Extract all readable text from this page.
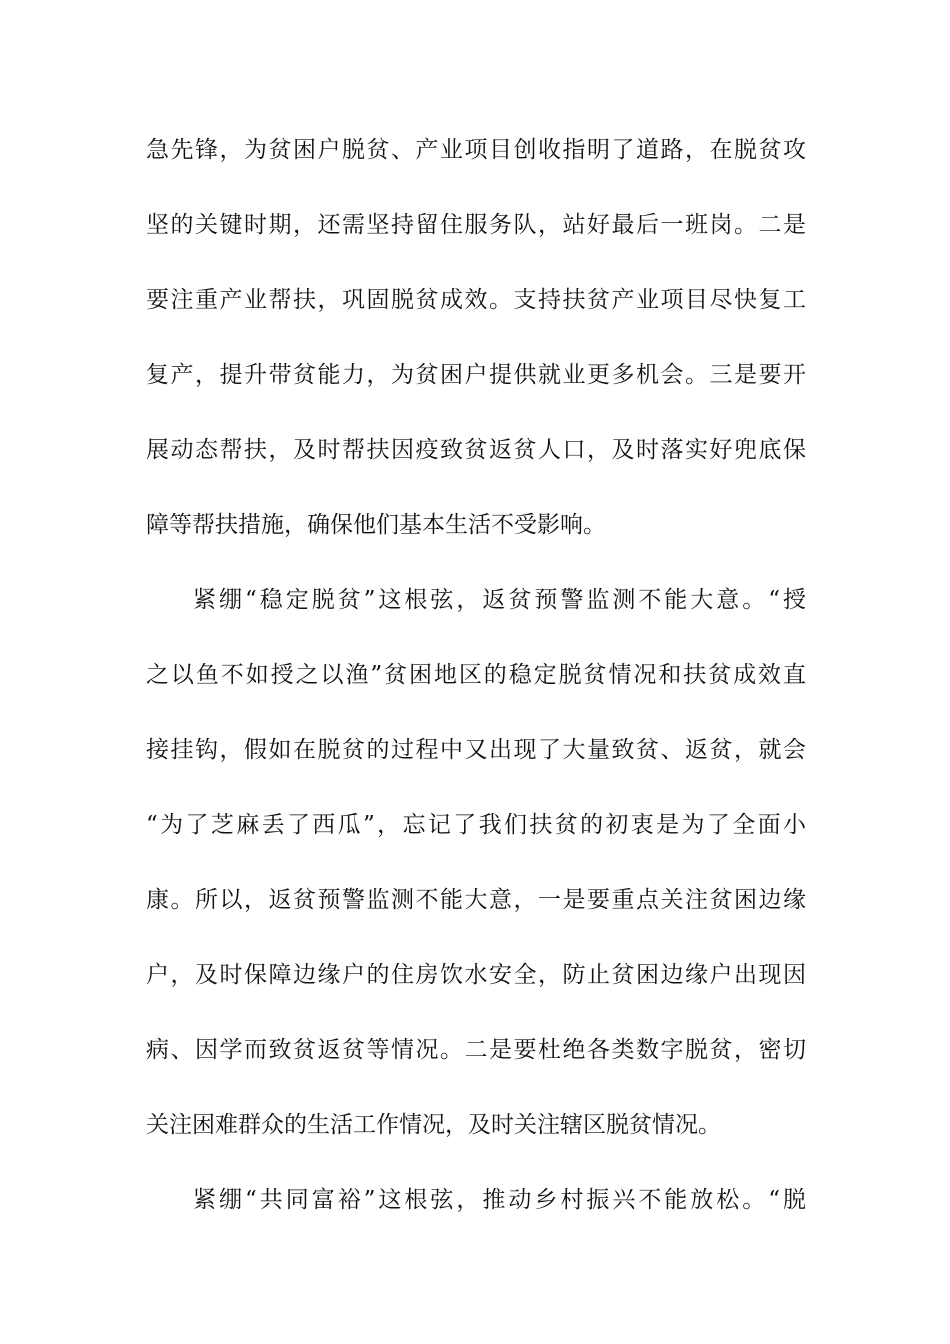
急先锋，为贫困户脱贫、产业项目创收指明了道路，在脱贫攻
坚的关键时期，还需坚持留住服务队，站好最后一班岗。二是
要注重产业帮扶，巩固脱贫成效。支持扶贫产业项目尽快复工
复产，提升带贫能力，为贫困户提供就业更多机会。三是要开
展动态帮扶，及时帮扶因疫致贫返贫人口，及时落实好兜底保
障等帮扶措施，确保他们基本生活不受影响。
紧绷“稳定脱贫”这根弦，返贫预警监测不能大意。“授
之以鱼不如授之以渔”贫困地区的稳定脱贫情况和扶贫成效直
接挂钩，假如在脱贫的过程中又出现了大量致贫、返贫，就会
“为了芝麻丢了西瓜”，忘记了我们扶贫的初衷是为了全面小
康。所以，返贫预警监测不能大意，一是要重点关注贫困边缘
户，及时保障边缘户的住房饮水安全，防止贫困边缘户出现因
病、因学而致贫返贫等情况。二是要杜绝各类数字脱贫，密切
关注困难群众的生活工作情况，及时关注辖区脱贫情况。
紧绷“共同富裕”这根弦，推动乡村振兴不能放松。“脱
